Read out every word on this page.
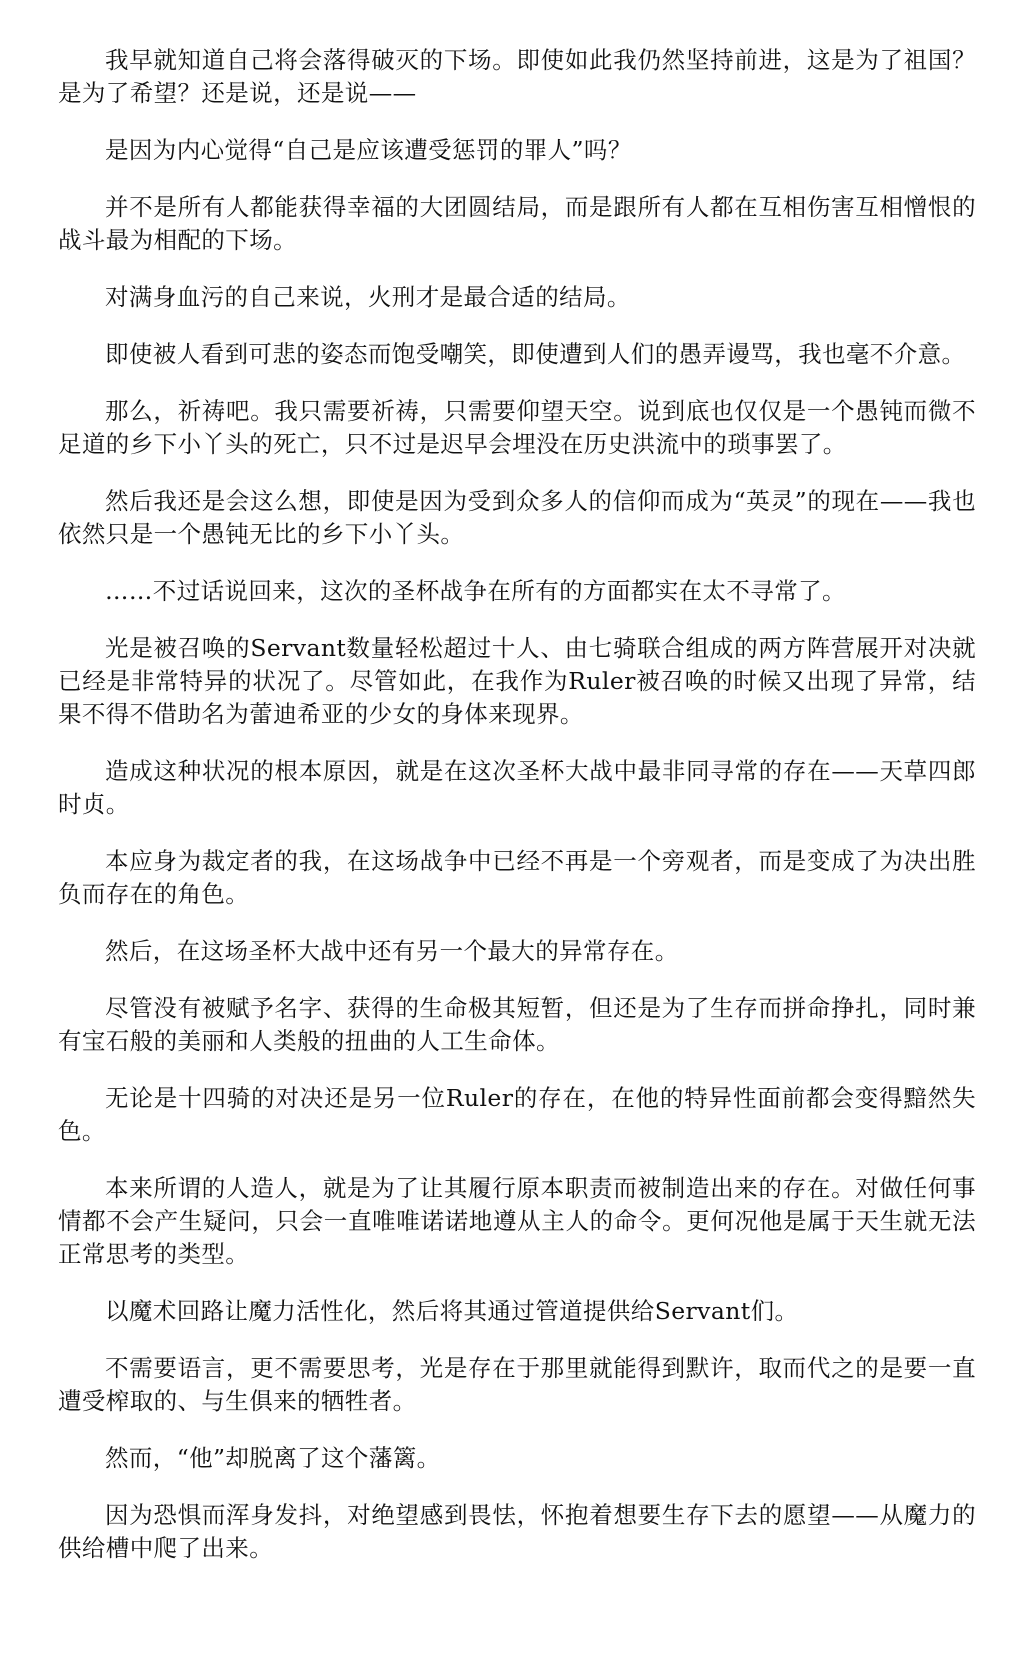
我早就知道自己将会落得破灭的下场。即使如此我仍然坚持前进，这是为了祖国？是为了希望？还是说，还是说——

是因为内心觉得“自己是应该遭受惩罚的罪人”吗？

并不是所有人都能获得幸福的大团圆结局，而是跟所有人都在互相伤害互相憎恨的战斗最为相配的下场。

对满身血污的自己来说，火刑才是最合适的结局。

即使被人看到可悲的姿态而饱受嘲笑，即使遭到人们的愚弄谩骂，我也毫不介意。

那么，祈祷吧。我只需要祈祷，只需要仰望天空。说到底也仅仅是一个愚钝而微不足道的乡下小丫头的死亡，只不过是迟早会埋没在历史洪流中的琐事罢了。

然后我还是会这么想，即使是因为受到众多人的信仰而成为“英灵”的现在——我也依然只是一个愚钝无比的乡下小丫头。

……不过话说回来，这次的圣杯战争在所有的方面都实在太不寻常了。

光是被召唤的Servant数量轻松超过十人、由七骑联合组成的两方阵营展开对决就已经是非常特异的状况了。尽管如此，在我作为Ruler被召唤的时候又出现了异常，结果不得不借助名为蕾迪希亚的少女的身体来现界。

造成这种状况的根本原因，就是在这次圣杯大战中最非同寻常的存在——天草四郎时贞。

本应身为裁定者的我，在这场战争中已经不再是一个旁观者，而是变成了为决出胜负而存在的角色。

然后，在这场圣杯大战中还有另一个最大的异常存在。

尽管没有被赋予名字、获得的生命极其短暂，但还是为了生存而拼命挣扎，同时兼有宝石般的美丽和人类般的扭曲的人工生命体。

无论是十四骑的对决还是另一位Ruler的存在，在他的特异性面前都会变得黯然失色。

本来所谓的人造人，就是为了让其履行原本职责而被制造出来的存在。对做任何事情都不会产生疑问，只会一直唯唯诺诺地遵从主人的命令。更何况他是属于天生就无法正常思考的类型。

以魔术回路让魔力活性化，然后将其通过管道提供给Servant们。

不需要语言，更不需要思考，光是存在于那里就能得到默许，取而代之的是要一直遭受榨取的、与生俱来的牺牲者。

然而，“他”却脱离了这个藩篱。

因为恐惧而浑身发抖，对绝望感到畏怯，怀抱着想要生存下去的愿望——从魔力的供给槽中爬了出来。
